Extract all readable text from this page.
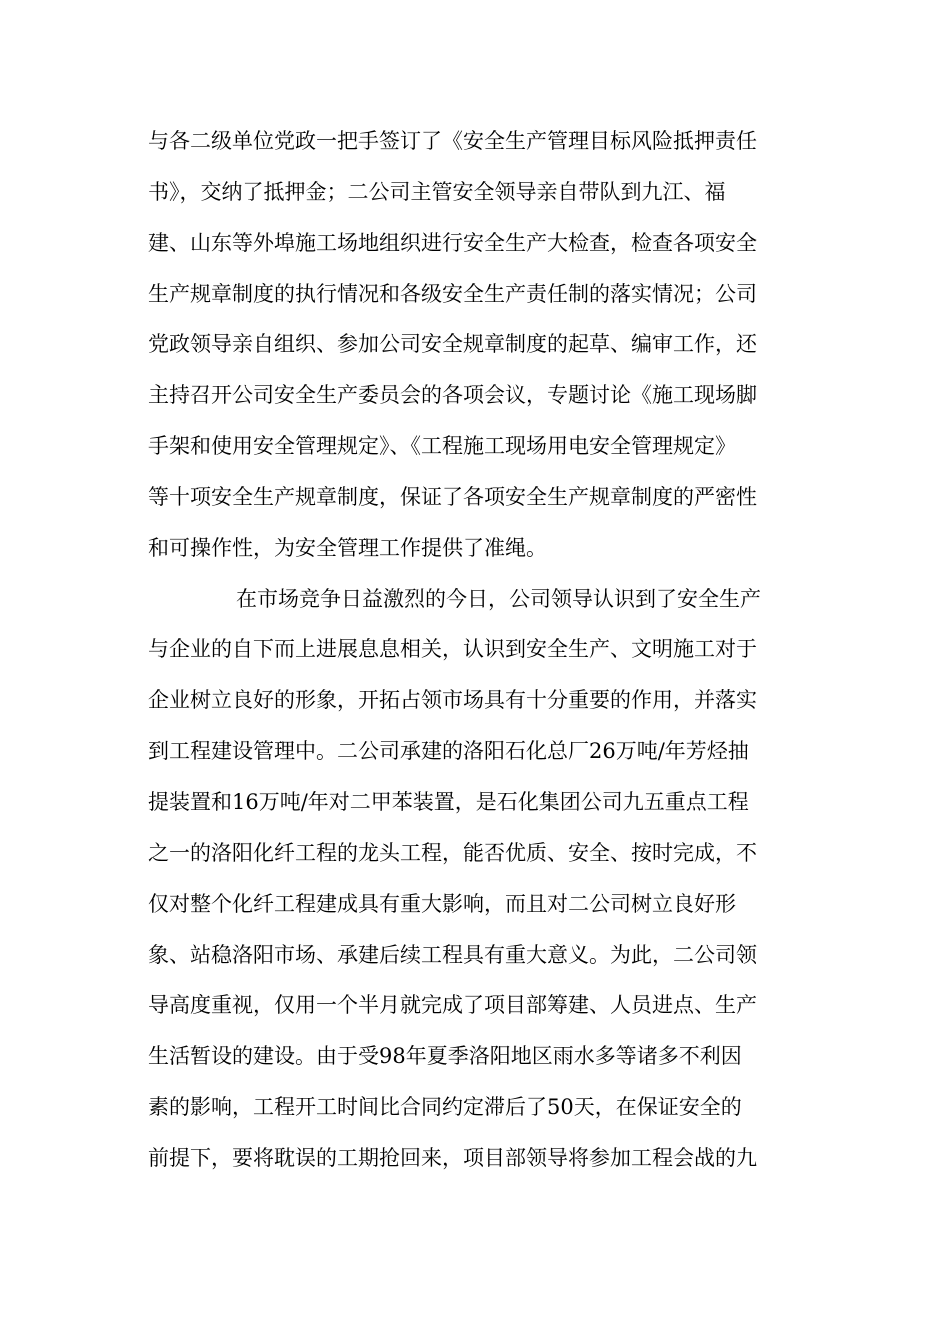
与各二级单位党政一把手签订了《安全生产管理目标风险抵押责任
书》，交纳了抵押金；二公司主管安全领导亲自带队到九江、福
建、山东等外埠施工场地组织进行安全生产大检查，检查各项安全
生产规章制度的执行情况和各级安全生产责任制的落实情况；公司
党政领导亲自组织、参加公司安全规章制度的起草、编审工作，还
主持召开公司安全生产委员会的各项会议，专题讨论《施工现场脚
手架和使用安全管理规定》、《工程施工现场用电安全管理规定》
等十项安全生产规章制度，保证了各项安全生产规章制度的严密性
和可操作性，为安全管理工作提供了准绳。
在市场竞争日益激烈的今日，公司领导认识到了安全生产
与企业的自下而上进展息息相关，认识到安全生产、文明施工对于
企业树立良好的形象，开拓占领市场具有十分重要的作用，并落实
到工程建设管理中。二公司承建的洛阳石化总厂26万吨/年芳烃抽
提装置和16万吨/年对二甲苯装置，是石化集团公司九五重点工程
之一的洛阳化纤工程的龙头工程，能否优质、安全、按时完成，不
仅对整个化纤工程建成具有重大影响，而且对二公司树立良好形
象、站稳洛阳市场、承建后续工程具有重大意义。为此，二公司领
导高度重视，仅用一个半月就完成了项目部筹建、人员进点、生产
生活暂设的建设。由于受98年夏季洛阳地区雨水多等诸多不利因
素的影响，工程开工时间比合同约定滞后了50天，在保证安全的
前提下，要将耽误的工期抢回来，项目部领导将参加工程会战的九
